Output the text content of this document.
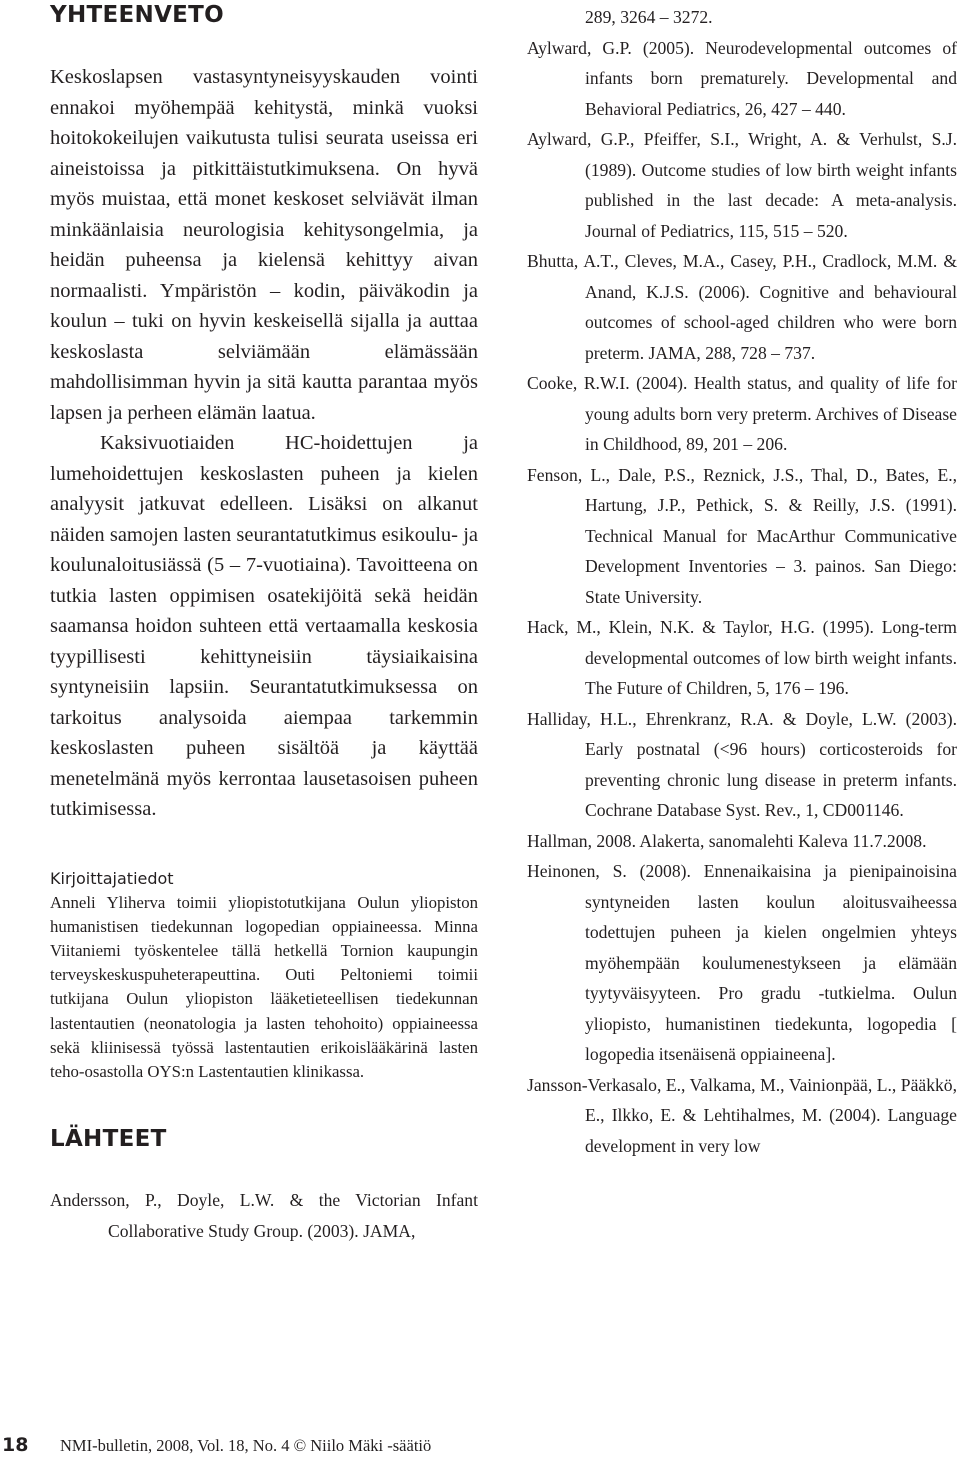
YHTEENVETO

Keskoslapsen vastasyntyneisyyskauden vointi ennakoi myöhempää kehitystä, minkä vuoksi hoitokokeilujen vaikutusta tulisi seurata useissa eri aineistoissa ja pitkittäistutkimuksena. On hyvä myös muistaa, että monet keskoset selviävät ilman minkäänlaisia neurologisia kehitysongelmia, ja heidän puheensa ja kielensä kehittyy aivan normaalisti. Ympäristön – kodin, päiväkodin ja koulun – tuki on hyvin keskeisellä sijalla ja auttaa keskoslasta selviämään elämässään mahdollisimman hyvin ja sitä kautta parantaa myös lapsen ja perheen elämän laatua.

Kaksivuotiaiden HC-hoidettujen ja lumehoidettujen keskoslasten puheen ja kielen analyysit jatkuvat edelleen. Lisäksi on alkanut näiden samojen lasten seurantatutkimus esikoulu- ja koulunaloitusiässä (5 – 7-vuotiaina). Tavoitteena on tutkia lasten oppimisen osatekijöitä sekä heidän saamansa hoidon suhteen että vertaamalla keskosia tyypillisesti kehittyneisiin täysiaikaisina syntyneisiin lapsiin. Seurantatutkimuksessa on tarkoitus analysoida aiempaa tarkemmin keskoslasten puheen sisältöä ja käyttää menetelmänä myös kerrontaa lausetasoisen puheen tutkimisessa.

Kirjoittajatiedot

Anneli Yliherva toimii yliopistotutkijana Oulun yliopiston humanistisen tiedekunnan logopedian oppiaineessa. Minna Viitaniemi työskentelee tällä hetkellä Tornion kaupungin terveyskeskuspuheterapeuttina. Outi Peltoniemi toimii tutkijana Oulun yliopiston lääketieteellisen tiedekunnan lastentautien (neonatologia ja lasten tehohoito) oppiaineessa sekä kliinisessä työssä lastentautien erikoislääkärinä lasten teho-osastolla OYS:n Lastentautien klinikassa.

LÄHTEET

Andersson, P., Doyle, L.W. & the Victorian Infant Collaborative Study Group. (2003). JAMA,

289, 3264 – 3272.

Aylward, G.P. (2005). Neurodevelopmental outcomes of infants born prematurely. Developmental and Behavioral Pediatrics, 26, 427 – 440.

Aylward, G.P., Pfeiffer, S.I., Wright, A. & Verhulst, S.J. (1989). Outcome studies of low birth weight infants published in the last decade: A meta-analysis. Journal of Pediatrics, 115, 515 – 520.

Bhutta, A.T., Cleves, M.A., Casey, P.H., Cradlock, M.M. & Anand, K.J.S. (2006). Cognitive and behavioural outcomes of school-aged children who were born preterm. JAMA, 288, 728 – 737.

Cooke, R.W.I. (2004). Health status, and quality of life for young adults born very preterm. Archives of Disease in Childhood, 89, 201 – 206.

Fenson, L., Dale, P.S., Reznick, J.S., Thal, D., Bates, E., Hartung, J.P., Pethick, S. & Reilly, J.S. (1991). Technical Manual for MacArthur Communicative Development Inventories – 3. painos. San Diego: State University.

Hack, M., Klein, N.K. & Taylor, H.G. (1995). Long-term developmental outcomes of low birth weight infants. The Future of Children, 5, 176 – 196.

Halliday, H.L., Ehrenkranz, R.A. & Doyle, L.W. (2003). Early postnatal (<96 hours) corticosteroids for preventing chronic lung disease in preterm infants. Cochrane Database Syst. Rev., 1, CD001146.

Hallman, 2008. Alakerta, sanomalehti Kaleva 11.7.2008.

Heinonen, S. (2008). Ennenaikaisina ja pienipainoisina syntyneiden lasten koulun aloitusvaiheessa todettujen puheen ja kielen ongelmien yhteys myöhempään koulumenestykseen ja elämään tyytyväisyyteen. Pro gradu -tutkielma. Oulun yliopisto, humanistinen tiedekunta, logopedia [ logopedia itsenäisenä oppiaineena].

Jansson-Verkasalo, E., Valkama, M., Vainionpää, L., Pääkkö, E., Ilkko, E. & Lehtihalmes, M. (2004). Language development in very low

18 NMI-bulletin, 2008, Vol. 18, No. 4 © Niilo Mäki -säätiö
